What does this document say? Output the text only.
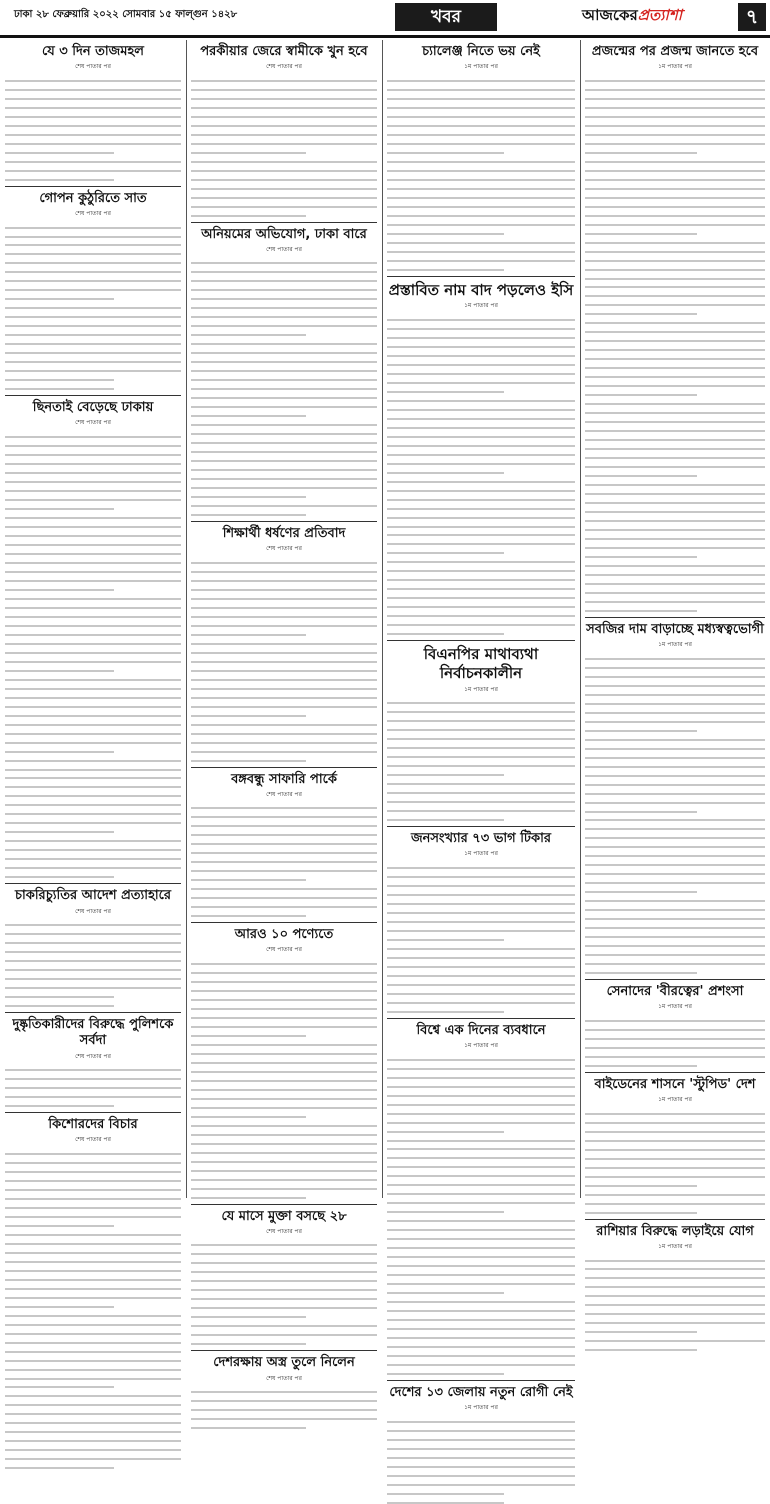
ঢাকা ২৮ ফেব্রুয়ারি ২০২২ সোমবার ১৫ ফাল্গুন ১৪২৮	খবর	আজকেরপ্রত্যাশা	৭
যে ৩ দিন তাজমহল
শেষ পাতার পর
গোপন কুঠুরিতে সাত
শেষ পাতার পর
ছিনতাই বেড়েছে ঢাকায়
শেষ পাতার পর
চাকরিচ্যুতির আদেশ প্রত্যাহারে
শেষ পাতার পর
দুষ্কৃতিকারীদের বিরুদ্ধে পুলিশকে সর্বদা
শেষ পাতার পর
কিশোরদের বিচার
শেষ পাতার পর
পরকীয়ার জেরে স্বামীকে খুন হবে
শেষ পাতার পর
অনিয়মের অভিযোগ, ঢাকা বারে
শেষ পাতার পর
শিক্ষার্থী ধর্ষণের প্রতিবাদ
শেষ পাতার পর
বঙ্গবন্ধু সাফারি পার্কে
শেষ পাতার পর
আরও ১০ পণ্যেতে
শেষ পাতার পর
যে মাসে মুক্তা বসছে ২৮
শেষ পাতার পর
দেশরক্ষায় অস্ত্র তুলে নিলেন
শেষ পাতার পর
চ্যালেঞ্জ নিতে ভয় নেই
১ম পাতার পর
প্রস্তাবিত নাম বাদ পড়লেও ইসি
১ম পাতার পর
বিএনপির মাথাব্যথা নির্বাচনকালীন
১ম পাতার পর
জনসংখ্যার ৭৩ ভাগ টিকার
১ম পাতার পর
বিশ্বে এক দিনের ব্যবধানে
১ম পাতার পর
দেশের ১৩ জেলায় নতুন রোগী নেই
১ম পাতার পর
প্রজন্মের পর প্রজন্ম জানতে হবে
১ম পাতার পর
সবজির দাম বাড়াচ্ছে মধ্যস্বত্বভোগী
১ম পাতার পর
সেনাদের 'বীরত্বের' প্রশংসা
১ম পাতার পর
বাইডেনের শাসনে 'স্টুপিড' দেশ
১ম পাতার পর
রাশিয়ার বিরুদ্ধে লড়াইয়ে যোগ
১ম পাতার পর
